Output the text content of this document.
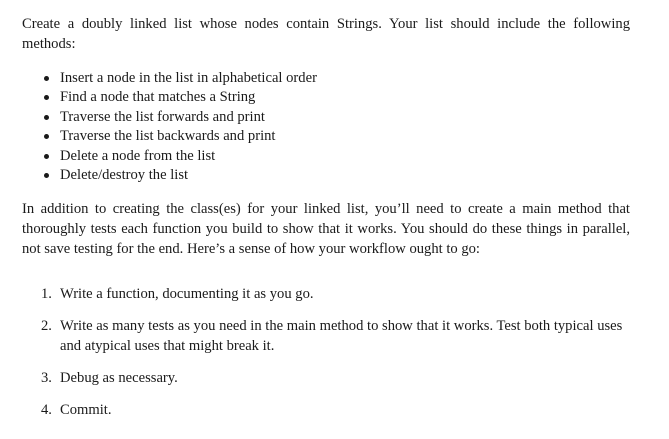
Create a doubly linked list whose nodes contain Strings. Your list should include the following methods:

Insert a node in the list in alphabetical order
Find a node that matches a String
Traverse the list forwards and print
Traverse the list backwards and print
Delete a node from the list
Delete/destroy the list

In addition to creating the class(es) for your linked list, you’ll need to create a main method that thoroughly tests each function you build to show that it works. You should do these things in parallel, not save testing for the end. Here’s a sense of how your workflow ought to go:

1. Write a function, documenting it as you go.
2. Write as many tests as you need in the main method to show that it works. Test both typical uses and atypical uses that might break it.
3. Debug as necessary.
4. Commit.
